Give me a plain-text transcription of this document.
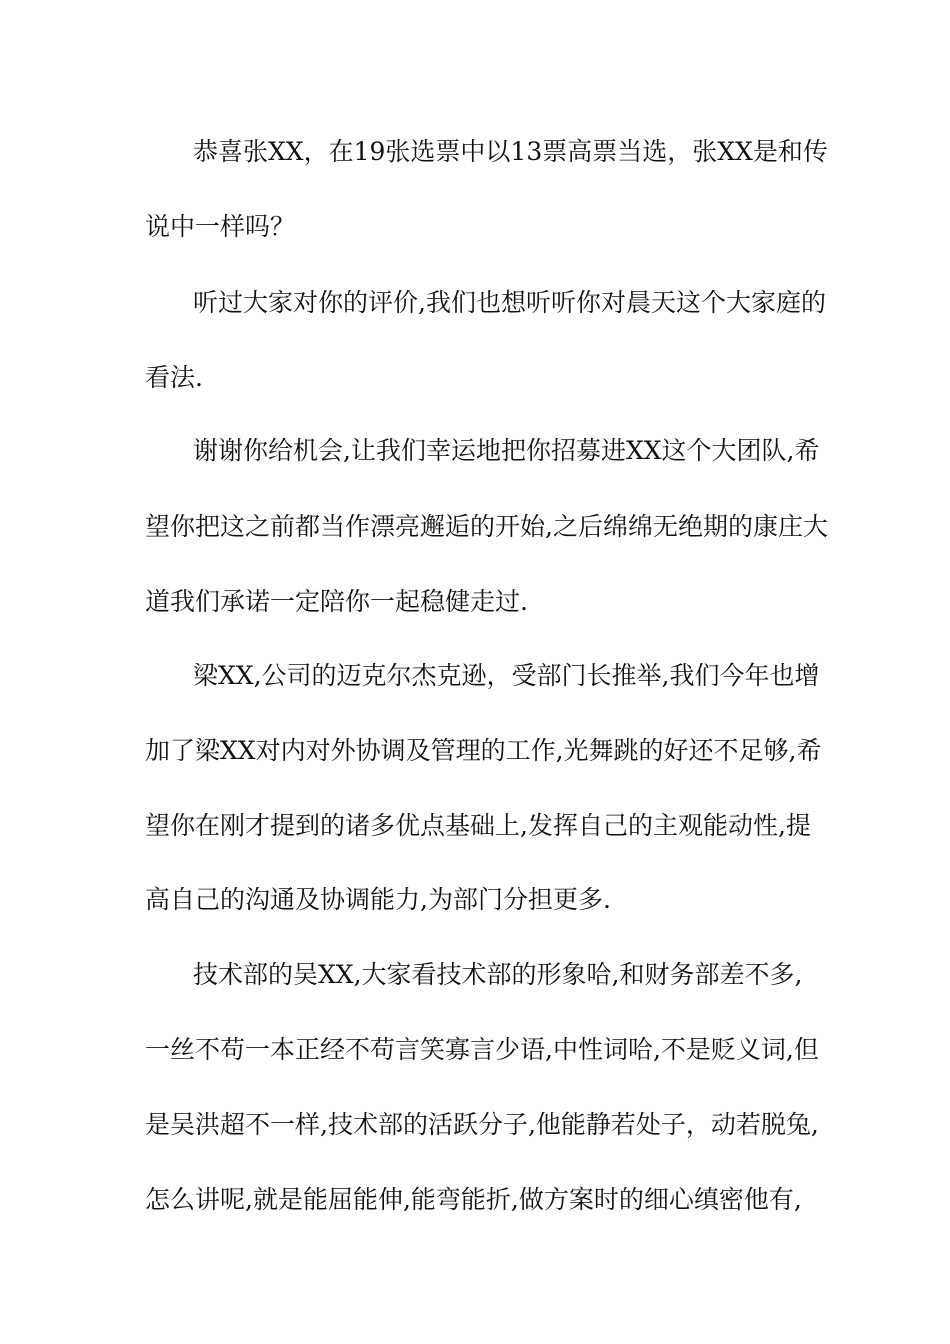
恭喜张XX，在19张选票中以13票高票当选，张XX是和传
说中一样吗？
听过大家对你的评价,我们也想听听你对晨天这个大家庭的
看法.
谢谢你给机会,让我们幸运地把你招募进XX这个大团队,希
望你把这之前都当作漂亮邂逅的开始,之后绵绵无绝期的康庄大
道我们承诺一定陪你一起稳健走过.
梁XX,公司的迈克尔杰克逊，受部门长推举,我们今年也增
加了梁XX对内对外协调及管理的工作,光舞跳的好还不足够,希
望你在刚才提到的诸多优点基础上,发挥自己的主观能动性,提
高自己的沟通及协调能力,为部门分担更多.
技术部的吴XX,大家看技术部的形象哈,和财务部差不多,
一丝不苟一本正经不苟言笑寡言少语,中性词哈,不是贬义词,但
是吴洪超不一样,技术部的活跃分子,他能静若处子，动若脱兔,
怎么讲呢,就是能屈能伸,能弯能折,做方案时的细心缜密他有,
